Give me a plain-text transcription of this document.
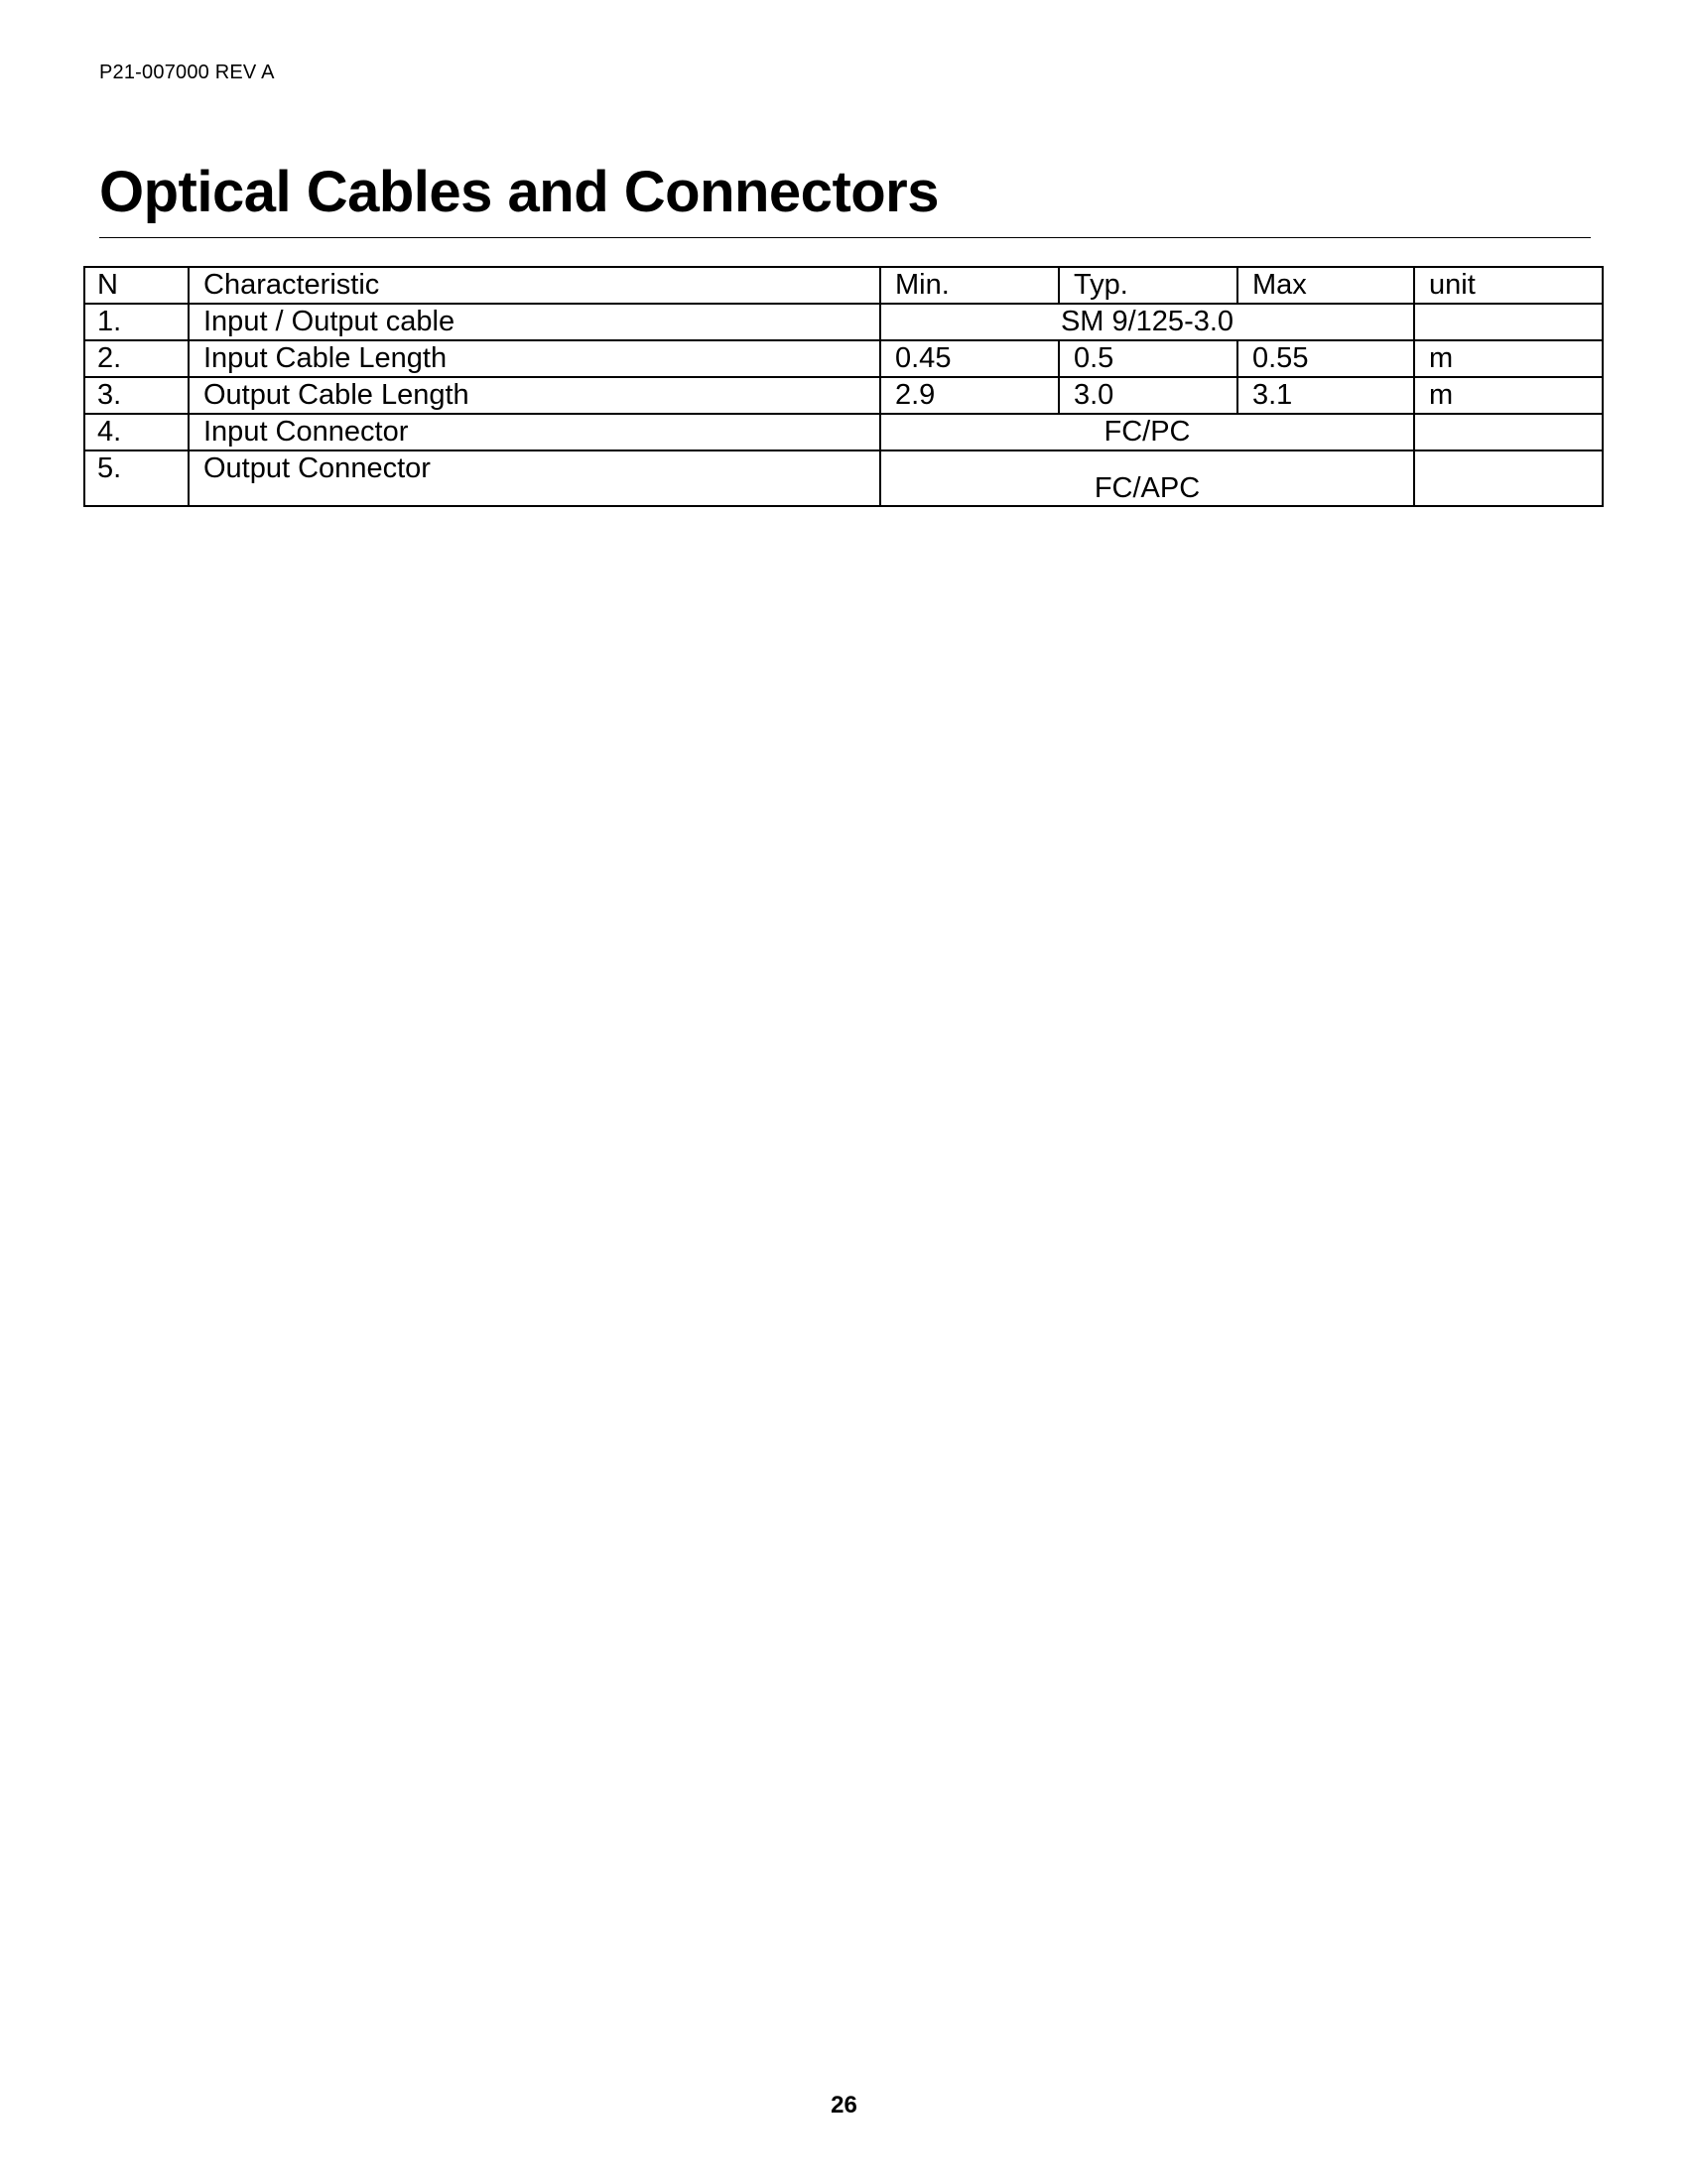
P21-007000 REV A
Optical Cables and Connectors
N	Characteristic	Min.	Typ.	Max	unit
1.	Input / Output cable	SM 9/125-3.0			
2.	Input Cable Length	0.45	0.5	0.55	m
3.	Output Cable Length	2.9	3.0	3.1	m
4.	Input Connector	FC/PC			
5.	Output Connector	FC/APC			
26
